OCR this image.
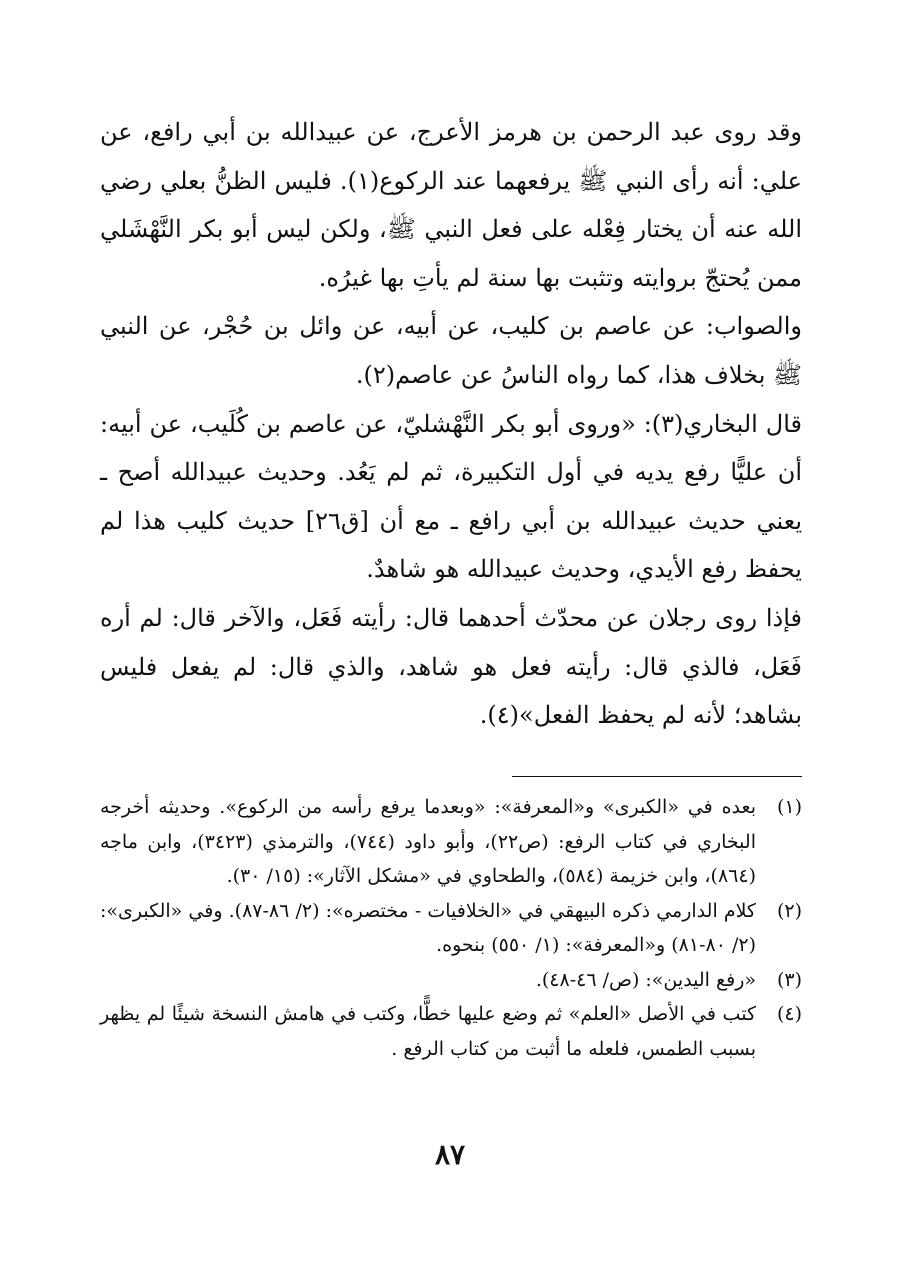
وقد روى عبد الرحمن بن هرمز الأعرج، عن عبيدالله بن أبي رافع، عن علي: أنه رأى النبي ﷺ يرفعهما عند الركوع(١). فليس الظنُّ بعلي رضي الله عنه أن يختار فِعْله على فعل النبي ﷺ، ولكن ليس أبو بكر النَّهْشَلي ممن يُحتجّ بروايته وتثبت بها سنة لم يأتِ بها غيرُه.

والصواب: عن عاصم بن كليب، عن أبيه، عن وائل بن حُجْر، عن النبي ﷺ بخلاف هذا، كما رواه الناسُ عن عاصم(٢).

قال البخاري(٣): «وروى أبو بكر النَّهْشليّ، عن عاصم بن كُلَيب، عن أبيه: أن عليًّا رفع يديه في أول التكبيرة، ثم لم يَعُد. وحديث عبيدالله أصح ـ يعني حديث عبيدالله بن أبي رافع ـ مع أن [ق٢٦] حديث كليب هذا لم يحفظ رفع الأيدي، وحديث عبيدالله هو شاهدٌ.

فإذا روى رجلان عن محدّث أحدهما قال: رأيته فَعَل، والآخر قال: لم أره فَعَل، فالذي قال: رأيته فعل هو شاهد، والذي قال: لم يفعل فليس بشاهد؛ لأنه لم يحفظ الفعل»(٤).

(١)
بعده في «الكبرى» و«المعرفة»: «وبعدما يرفع رأسه من الركوع». وحديثه أخرجه البخاري في كتاب الرفع: (ص٢٢)، وأبو داود (٧٤٤)، والترمذي (٣٤٢٣)، وابن ماجه (٨٦٤)، وابن خزيمة (٥٨٤)، والطحاوي في «مشكل الآثار»: (١٥/ ٣٠).
(٢)
كلام الدارمي ذكره البيهقي في «الخلافيات - مختصره»: (٢/ ٨٦-٨٧). وفي «الكبرى»: (٢/ ٨٠-٨١) و«المعرفة»: (١/ ٥٥٠) بنحوه.
(٣)
«رفع اليدين»: (ص/ ٤٦-٤٨).
(٤)
كتب في الأصل «العلم» ثم وضع عليها خطًّا، وكتب في هامش النسخة شيئًا لم يظهر بسبب الطمس، فلعله ما أثبت من كتاب الرفع .
٨٧
